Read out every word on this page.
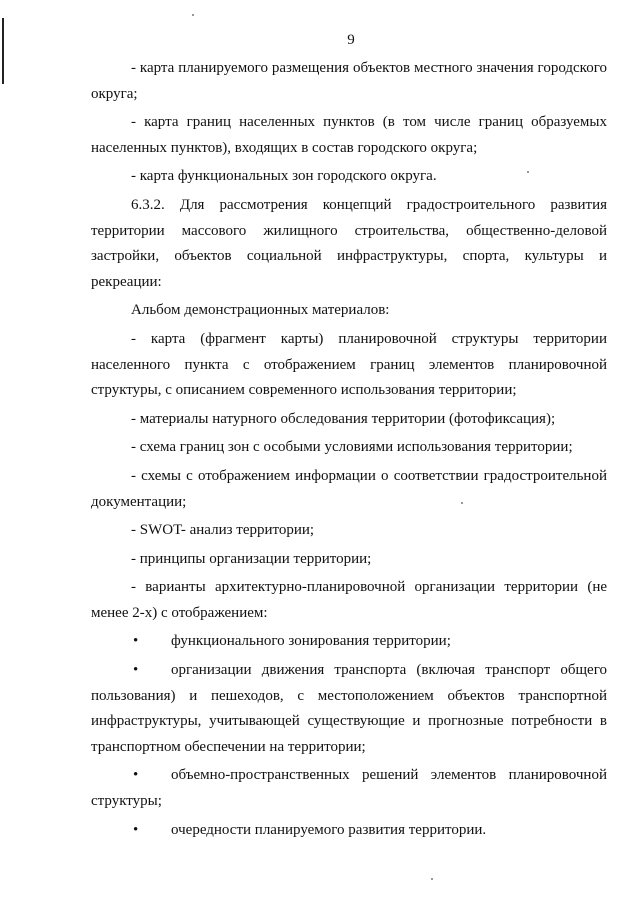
9

- карта планируемого размещения объектов местного значения городского округа;

- карта границ населенных пунктов (в том числе границ образуемых населенных пунктов), входящих в состав городского округа;

- карта функциональных зон городского округа.

6.3.2. Для рассмотрения концепций градостроительного развития территории массового жилищного строительства, общественно-деловой застройки, объектов социальной инфраструктуры, спорта, культуры и рекреации:

Альбом демонстрационных материалов:

- карта (фрагмент карты) планировочной структуры территории населенного пункта с отображением границ элементов планировочной структуры, с описанием современного использования территории;

- материалы натурного обследования территории (фотофиксация);

- схема границ зон с особыми условиями использования территории;

- схемы с отображением информации о соответствии градостроительной документации;

- SWOT- анализ территории;

- принципы организации территории;

- варианты архитектурно-планировочной организации территории (не менее 2-х) с отображением:

• функционального зонирования территории;

• организации движения транспорта (включая транспорт общего пользования) и пешеходов, с местоположением объектов транспортной инфраструктуры, учитывающей существующие и прогнозные потребности в транспортном обеспечении на территории;

• объемно-пространственных решений элементов планировочной структуры;

• очередности планируемого развития территории.
